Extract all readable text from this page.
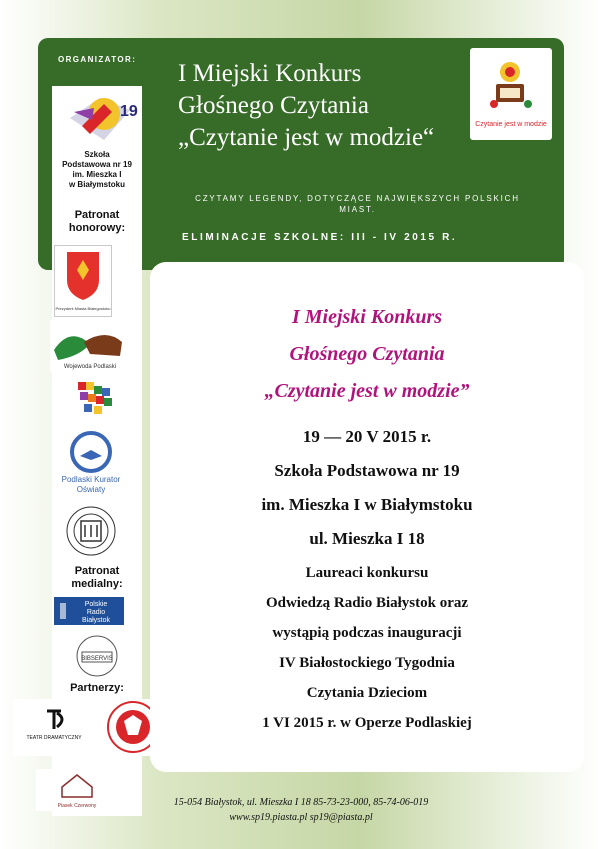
ORGANIZATOR:
I Miejski Konkurs
Głośnego Czytania
„Czytanie jest w modzie“	Czytanie jest w modzie
CZYTAMY LEGENDY, DOTYCZĄCE NAJWIĘKSZYCH POLSKICH MIAST.
ELIMINACJE SZKOLNE: III - IV 2015 R.
19
Szkoła
Podstawowa nr 19
im. Mieszka I
w Białymstoku
Patronat honorowy:
Prezydent Miasta Białegostoku
Wojewoda Podlaski
Podlaski Kurator
Oświaty
Patronat medialny:
Polskie
Radio
Białystok
BIBSERVIS
Partnerzy:
TEATR DRAMATYCZNY
Piasek Czerwony
I Miejski Konkurs
Głośnego Czytania
„Czytanie jest w modzie”
19 — 20 V 2015 r.
Szkoła Podstawowa nr 19
im. Mieszka I w Białymstoku
ul. Mieszka I 18
Laureaci konkursu
Odwiedzą Radio Białystok oraz
wystąpią podczas inauguracji
IV Białostockiego Tygodnia
Czytania Dzieciom
1 VI 2015 r. w Operze Podlaskiej
15-054 Białystok, ul. Mieszka I 18 85-73-23-000, 85-74-06-019
www.sp19.piasta.pl sp19@piasta.pl
